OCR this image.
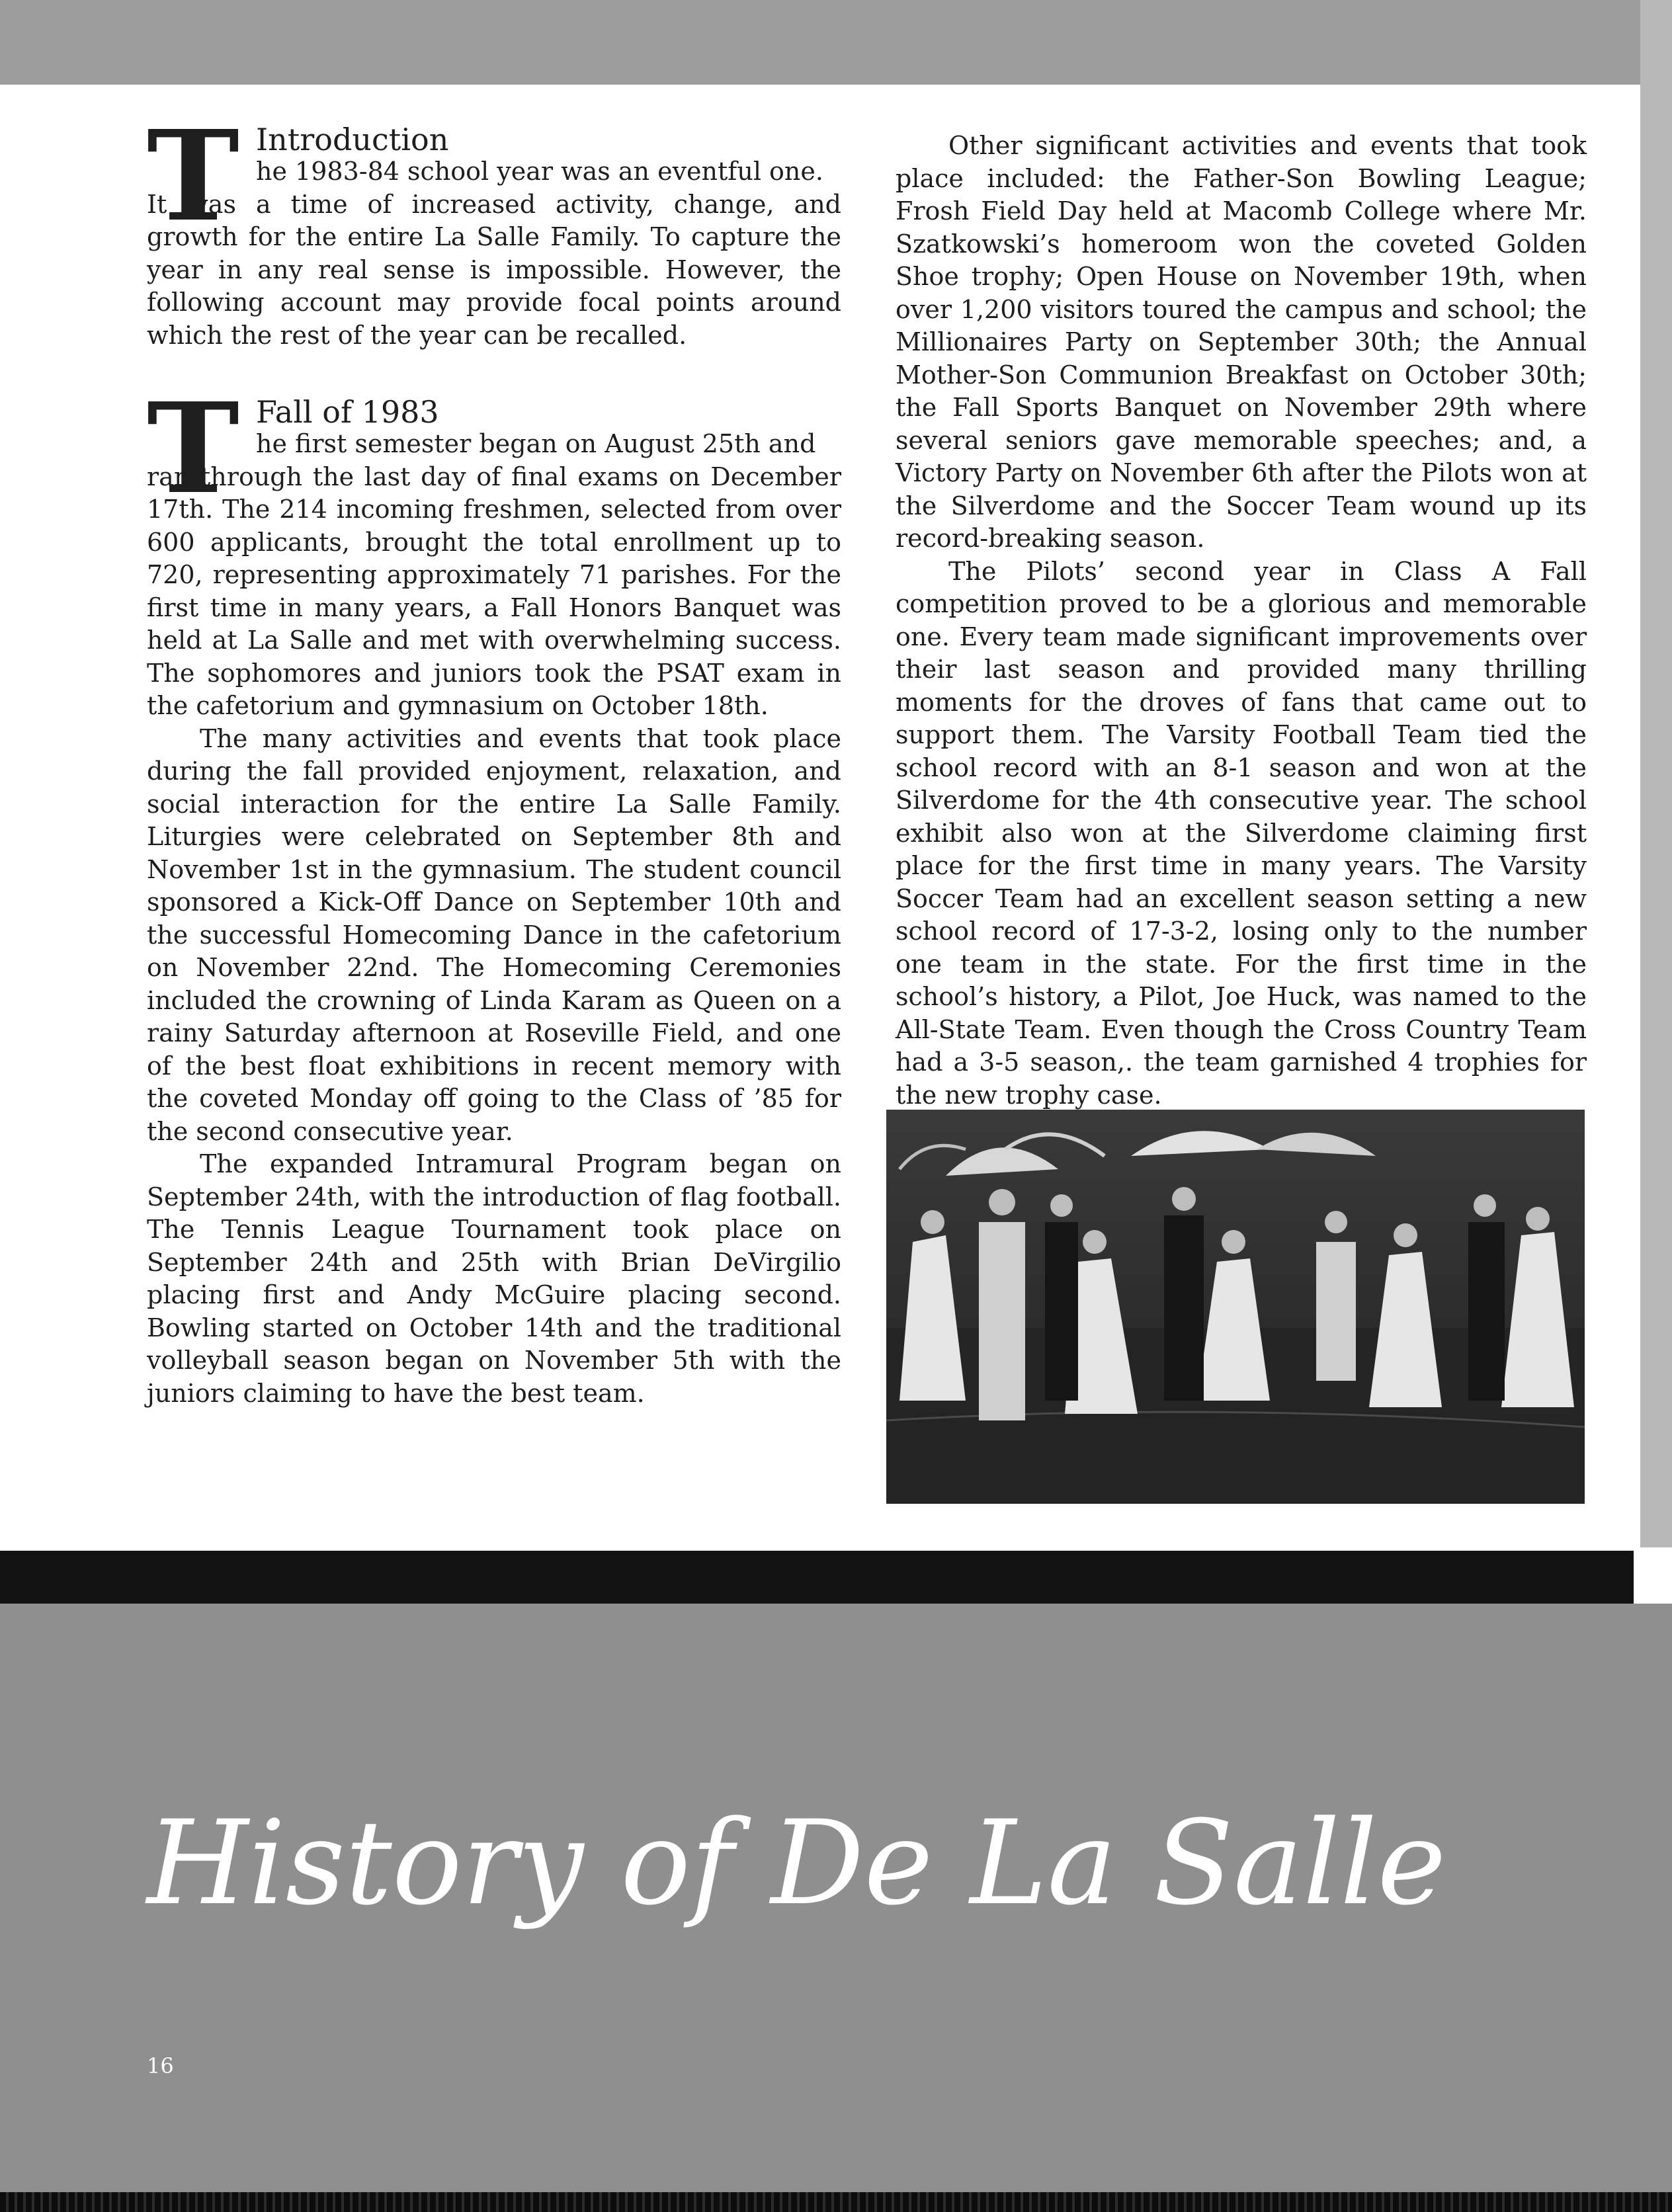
T Introduction

he 1983-84 school year was an eventful one.

It was a time of increased activity, change, and growth for the entire La Salle Family. To capture the year in any real sense is impossible. However, the following account may provide focal points around which the rest of the year can be recalled.

T Fall of 1983

he first semester began on August 25th and

ran through the last day of final exams on December 17th. The 214 incoming freshmen, selected from over 600 applicants, brought the total enrollment up to 720, representing approximately 71 parishes. For the first time in many years, a Fall Honors Banquet was held at La Salle and met with overwhelming success. The sophomores and juniors took the PSAT exam in the cafetorium and gymnasium on October 18th.

The many activities and events that took place during the fall provided enjoyment, relaxation, and social interaction for the entire La Salle Family. Liturgies were celebrated on September 8th and November 1st in the gymnasium. The student council sponsored a Kick-Off Dance on September 10th and the successful Homecoming Dance in the cafetorium on November 22nd. The Homecoming Ceremonies included the crowning of Linda Karam as Queen on a rainy Saturday afternoon at Roseville Field, and one of the best float exhibitions in recent memory with the coveted Monday off going to the Class of ’85 for the second consecutive year.

The expanded Intramural Program began on September 24th, with the introduction of flag football. The Tennis League Tournament took place on September 24th and 25th with Brian DeVirgilio placing first and Andy McGuire placing second. Bowling started on October 14th and the traditional volleyball season began on November 5th with the juniors claiming to have the best team.

Other significant activities and events that took place included: the Father-Son Bowling League; Frosh Field Day held at Macomb College where Mr. Szatkowski’s homeroom won the coveted Golden Shoe trophy; Open House on November 19th, when over 1,200 visitors toured the campus and school; the Millionaires Party on September 30th; the Annual Mother-Son Communion Breakfast on October 30th; the Fall Sports Banquet on November 29th where several seniors gave memorable speeches; and, a Victory Party on November 6th after the Pilots won at the Silverdome and the Soccer Team wound up its record-breaking season.

The Pilots’ second year in Class A Fall competition proved to be a glorious and memorable one. Every team made significant improvements over their last season and provided many thrilling moments for the droves of fans that came out to support them. The Varsity Football Team tied the school record with an 8-1 season and won at the Silverdome for the 4th consecutive year. The school exhibit also won at the Silverdome claiming first place for the first time in many years. The Varsity Soccer Team had an excellent season setting a new school record of 17-3-2, losing only to the number one team in the state. For the first time in the school’s history, a Pilot, Joe Huck, was named to the All-State Team. Even though the Cross Country Team had a 3-5 season,. the team garnished 4 trophies for the new trophy case.

History of De La Salle
16
